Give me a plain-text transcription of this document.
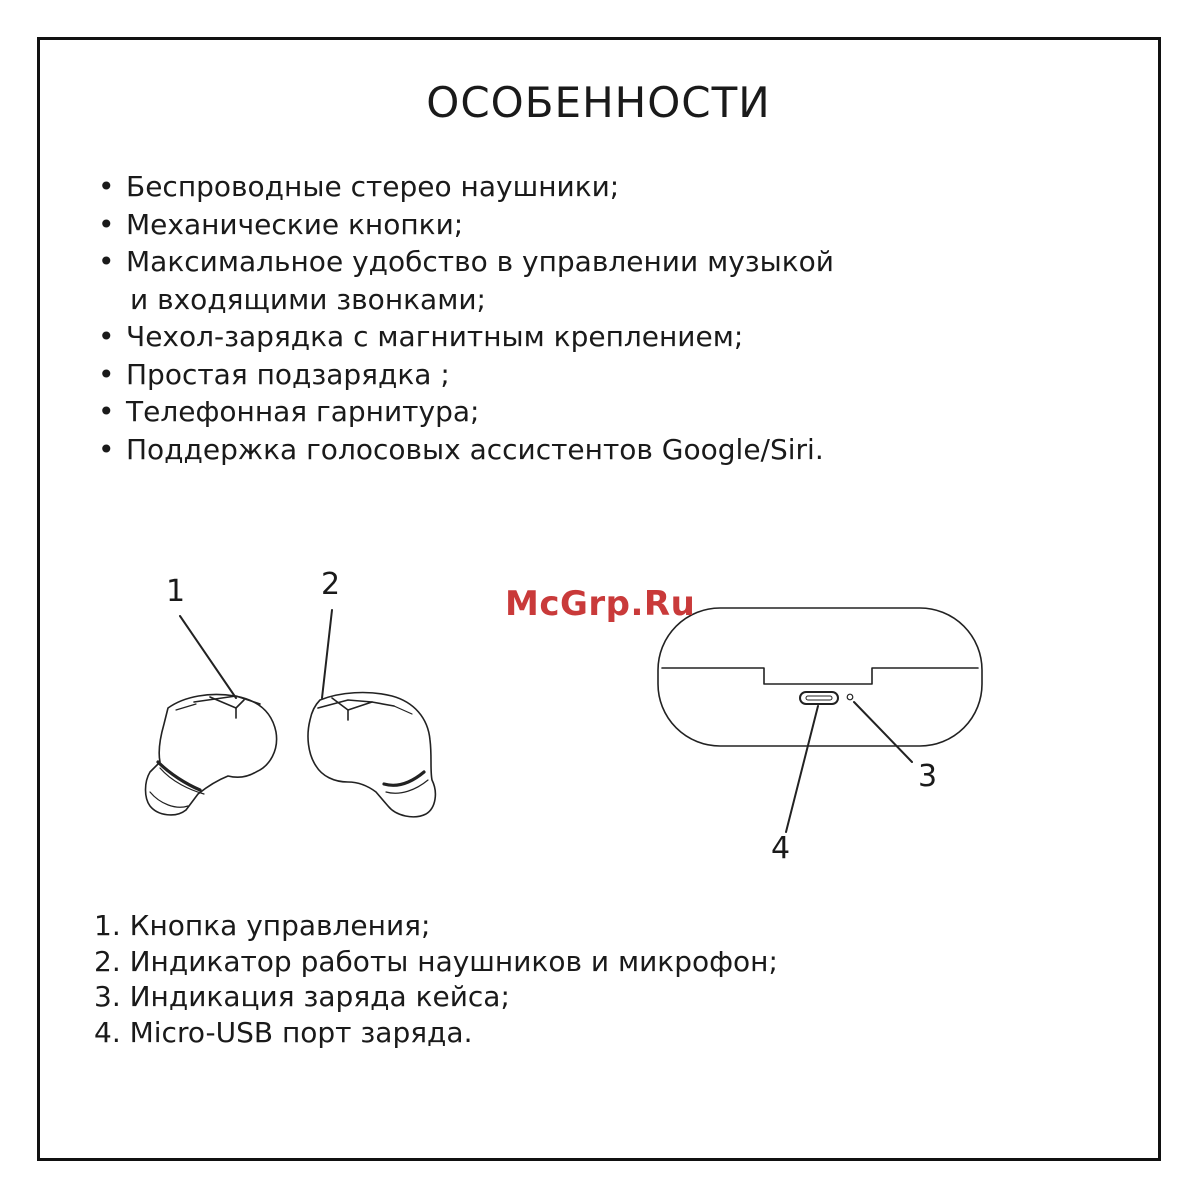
ОСОБЕННОСТИ
• Беспроводные стерео наушники;
• Механические кнопки;
• Максимальное удобство в управлении музыкой
и входящими звонками;
• Чехол-зарядка с магнитным креплением;
• Простая подзарядка ;
• Телефонная гарнитура;
• Поддержка голосовых ассистентов Google/Siri.
1	2
3
4
McGrp.Ru
1. Кнопка управления;
2. Индикатор работы наушников и микрофон;
3. Индикация заряда кейса;
4. Micro-USB порт заряда.
